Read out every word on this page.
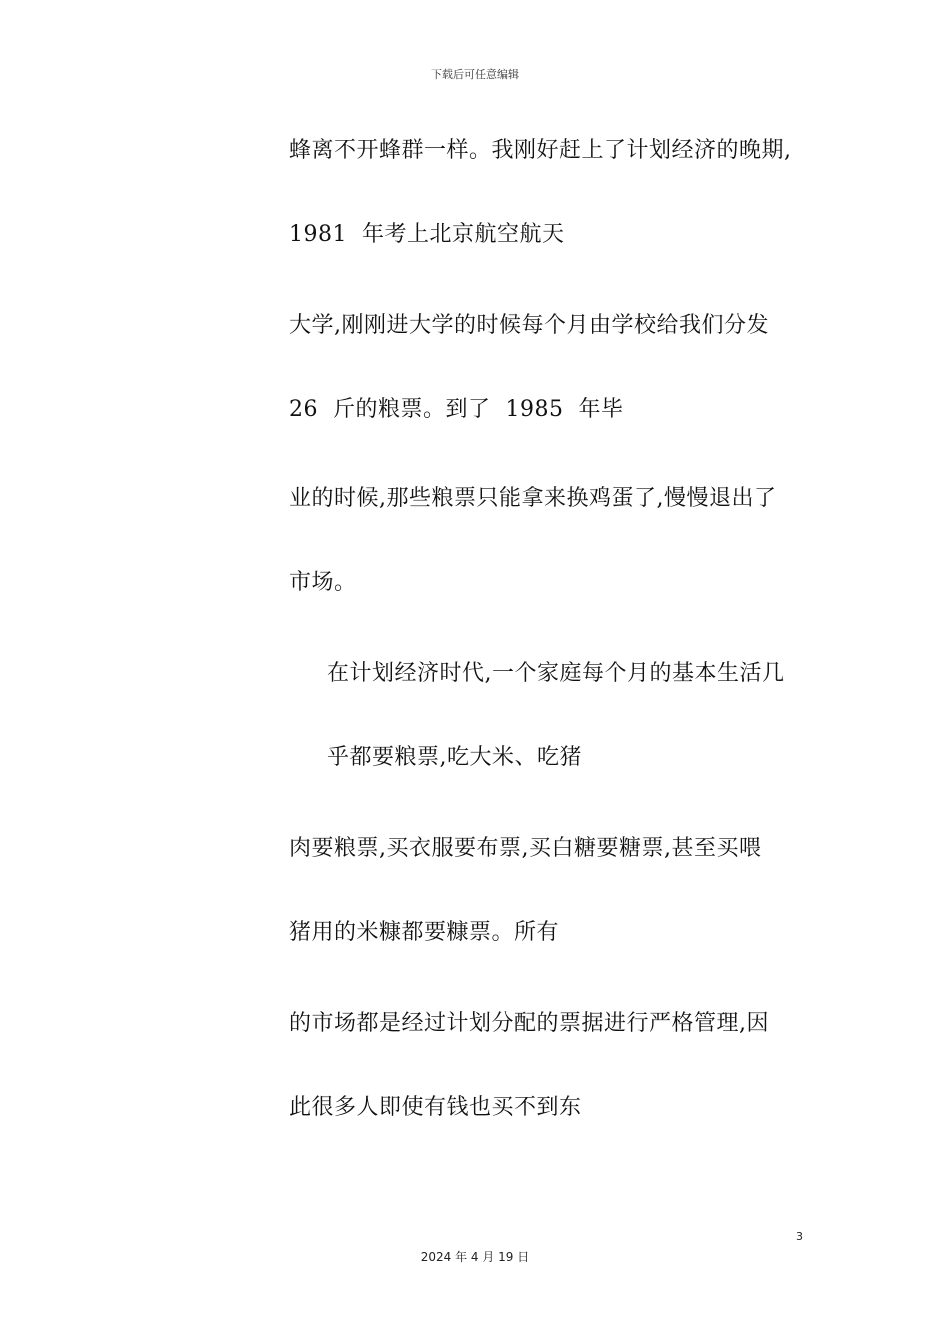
下载后可任意编辑
蜂离不开蜂群一样。我刚好赶上了计划经济的晚期,
1981  年考上北京航空航天
大学,刚刚进大学的时候每个月由学校给我们分发
26  斤的粮票。到了  1985  年毕
业的时候,那些粮票只能拿来换鸡蛋了,慢慢退出了
市场。
在计划经济时代,一个家庭每个月的基本生活几
乎都要粮票,吃大米、吃猪
肉要粮票,买衣服要布票,买白糖要糖票,甚至买喂
猪用的米糠都要糠票。所有
的市场都是经过计划分配的票据进行严格管理,因
此很多人即使有钱也买不到东
3
2024 年 4 月 19 日
